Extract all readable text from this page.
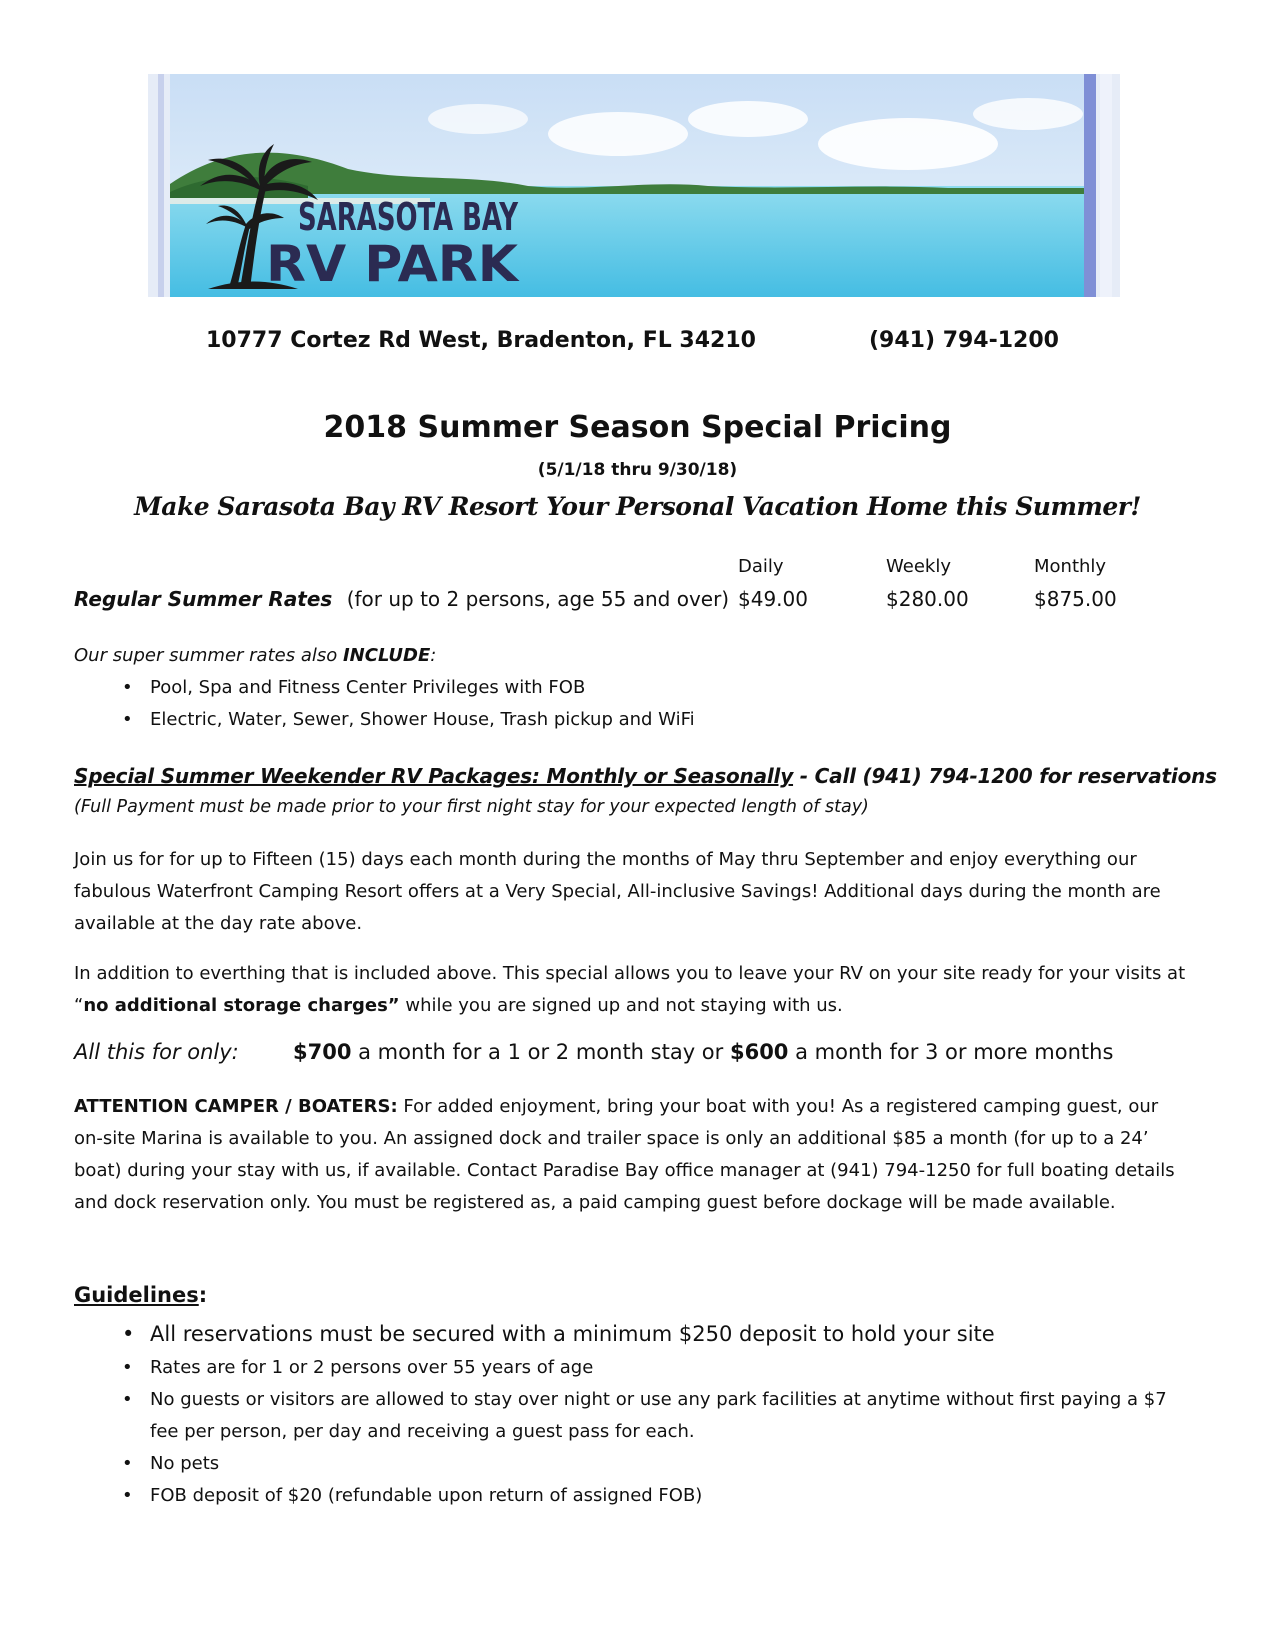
SARASOTA BAY
RV PARK
10777 Cortez Rd West, Bradenton, FL 34210	(941) 794-1200
2018 Summer Season Special Pricing
(5/1/18 thru 9/30/18)
Make Sarasota Bay RV Resort Your Personal Vacation Home this Summer!
Daily	Weekly	Monthly
Regular Summer Rates (for up to 2 persons, age 55 and over) $49.00	$280.00	$875.00
Our super summer rates also INCLUDE:
• Pool, Spa and Fitness Center Privileges with FOB
• Electric, Water, Sewer, Shower House, Trash pickup and WiFi
Special Summer Weekender RV Packages: Monthly or Seasonally - Call (941) 794-1200 for reservations
(Full Payment must be made prior to your first night stay for your expected length of stay)
Join us for for up to Fifteen (15) days each month during the months of May thru September and enjoy everything our fabulous Waterfront Camping Resort offers at a Very Special, All-inclusive Savings! Additional days during the month are available at the day rate above.
In addition to everthing that is included above. This special allows you to leave your RV on your site ready for your visits at “no additional storage charges” while you are signed up and not staying with us.
All this for only:	$700 a month for a 1 or 2 month stay or $600 a month for 3 or more months
ATTENTION CAMPER / BOATERS: For added enjoyment, bring your boat with you! As a registered camping guest, our on-site Marina is available to you. An assigned dock and trailer space is only an additional $85 a month (for up to a 24’ boat) during your stay with us, if available. Contact Paradise Bay office manager at (941) 794-1250 for full boating details and dock reservation only. You must be registered as, a paid camping guest before dockage will be made available.
Guidelines:
• All reservations must be secured with a minimum $250 deposit to hold your site
• Rates are for 1 or 2 persons over 55 years of age
• No guests or visitors are allowed to stay over night or use any park facilities at anytime without first paying a $7 fee per person, per day and receiving a guest pass for each.
• No pets
• FOB deposit of $20 (refundable upon return of assigned FOB)
